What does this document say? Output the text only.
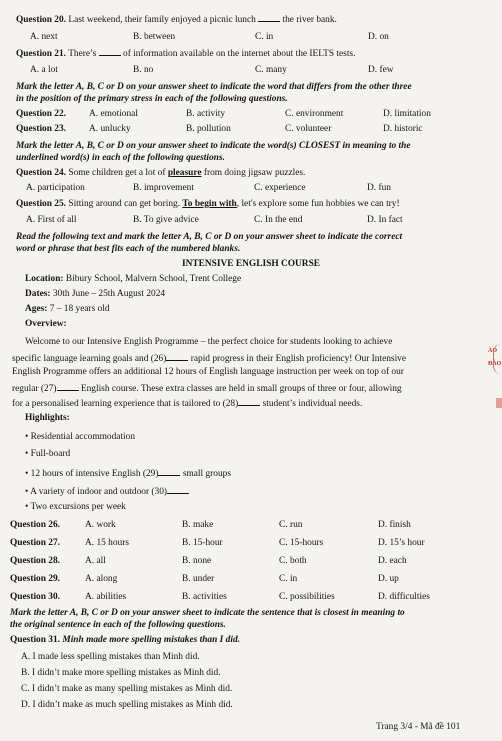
Question 20. Last weekend, their family enjoyed a picnic lunch	the river bank.
A. next	B. between	C. in	D. on
Question 21. There’s	of information available on the internet about the IELTS tests.
A. a lot	B. no	C. many	D. few
Mark the letter A, B, C or D on your answer sheet to indicate the word that differs from the other three
in the position of the primary stress in each of the following questions.
Question 22. A. emotional	B. activity	C. environment	D. limitation
Question 23. A. unlucky	B. pollution	C. volunteer	D. historic
Mark the letter A, B, C or D on your answer sheet to indicate the word(s) CLOSEST in meaning to the
underlined word(s) in each of the following questions.
Question 24. Some children get a lot of pleasure from doing jigsaw puzzles.
A. participation	B. improvement	C. experience	D. fun
Question 25. Sitting around can get boring. To begin with, let's explore some fun hobbies we can try!
A. First of all	B. To give advice	C. In the end	D. In fact
Read the following text and mark the letter A, B, C or D on your answer sheet to indicate the correct
word or phrase that best fits each of the numbered blanks.
INTENSIVE ENGLISH COURSE
Location: Bibury School, Malvern School, Trent College
Dates: 30th June – 25th August 2024
Ages: 7 – 18 years old
Overview:
Welcome to our Intensive English Programme – the perfect choice for students looking to achieve
specific language learning goals and (26)	rapid progress in their English proficiency! Our Intensive
English Programme offers an additional 12 hours of English language instruction per week on top of our
regular (27)	English course. These extra classes are held in small groups of three or four, allowing
for a personalised learning experience that is tailored to (28)	student’s individual needs.
Highlights:
• Residential accommodation
• Full-board
• 12 hours of intensive English (29)	small groups
• A variety of indoor and outdoor (30)
• Two excursions per week
Question 26.	A. work	B. make	C. run	D. finish
Question 27.	A. 15 hours	B. 15-hour	C. 15-hours	D. 15’s hour
Question 28.	A. all	B. none	C. both	D. each
Question 29.	A. along	B. under	C. in	D. up
Question 30.	A. abilities	B. activities	C. possibilities	D. difficulties
Mark the letter A, B, C or D on your answer sheet to indicate the sentence that is closest in meaning to
the original sentence in each of the following questions.
Question 31. Minh made more spelling mistakes than I did.
A. I made less spelling mistakes than Minh did.
B. I didn’t make more spelling mistakes as Minh did.
C. I didn’t make as many spelling mistakes as Minh did.
D. I didn’t make as much spelling mistakes as Minh did.
Trang 3/4 - Mã đề 101
ÀO
ĐÀO
